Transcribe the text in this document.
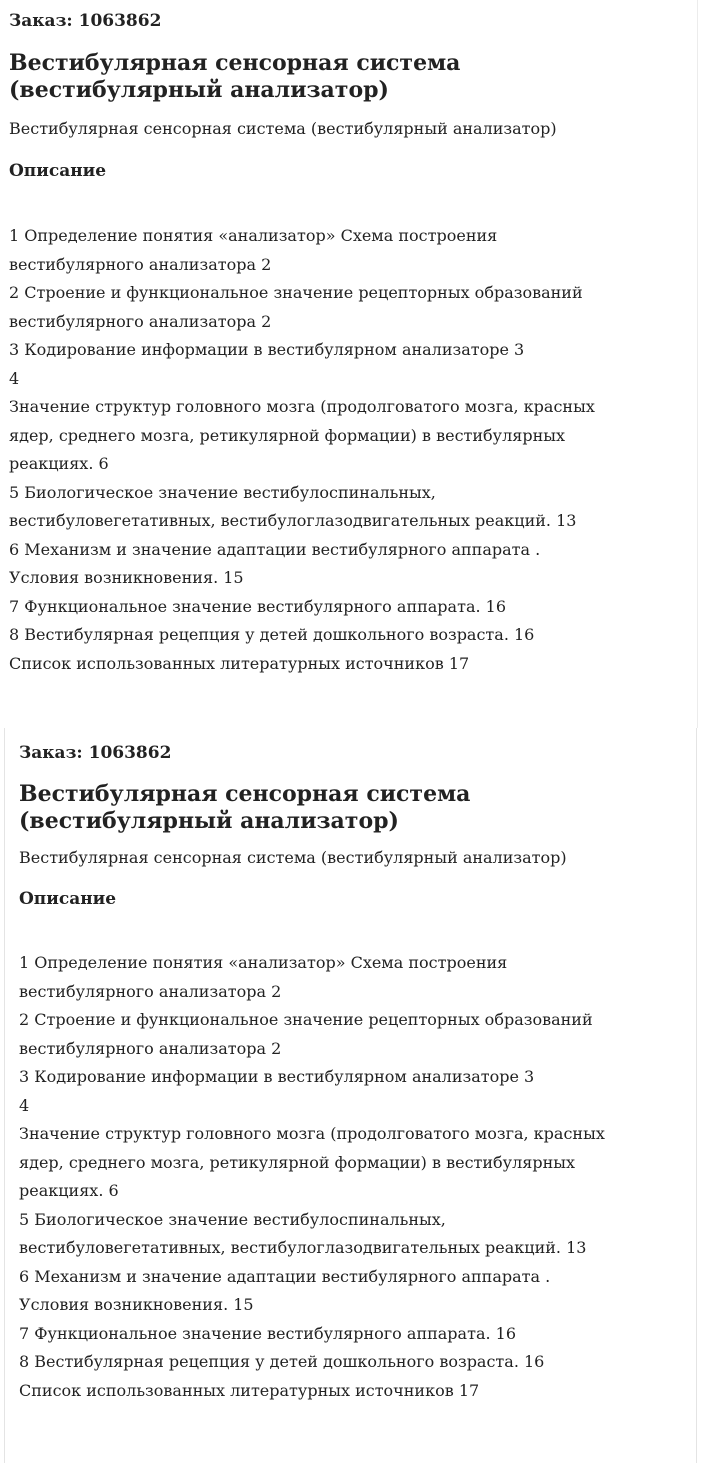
Заказ: 1063862
Вестибулярная сенсорная система (вестибулярный анализатор)
Вестибулярная сенсорная система (вестибулярный анализатор)
Описание
1 Определение понятия «анализатор» Схема построения
вестибулярного анализатора 2
2 Строение и функциональное значение рецепторных образований
вестибулярного анализатора 2
3 Кодирование информации в вестибулярном анализаторе 3
4
Значение структур головного мозга (продолговатого мозга, красных
ядер, среднего мозга, ретикулярной формации) в вестибулярных
реакциях. 6
5 Биологическое значение вестибулоспинальных,
вестибуловегетативных, вестибулоглазодвигательных реакций. 13
6 Механизм и значение адаптации вестибулярного аппарата .
Условия возникновения. 15
7 Функциональное значение вестибулярного аппарата. 16
8 Вестибулярная рецепция у детей дошкольного возраста. 16
Список использованных литературных источников 17
Заказ: 1063862
Вестибулярная сенсорная система (вестибулярный анализатор)
Вестибулярная сенсорная система (вестибулярный анализатор)
Описание
1 Определение понятия «анализатор» Схема построения
вестибулярного анализатора 2
2 Строение и функциональное значение рецепторных образований
вестибулярного анализатора 2
3 Кодирование информации в вестибулярном анализаторе 3
4
Значение структур головного мозга (продолговатого мозга, красных
ядер, среднего мозга, ретикулярной формации) в вестибулярных
реакциях. 6
5 Биологическое значение вестибулоспинальных,
вестибуловегетативных, вестибулоглазодвигательных реакций. 13
6 Механизм и значение адаптации вестибулярного аппарата .
Условия возникновения. 15
7 Функциональное значение вестибулярного аппарата. 16
8 Вестибулярная рецепция у детей дошкольного возраста. 16
Список использованных литературных источников 17
